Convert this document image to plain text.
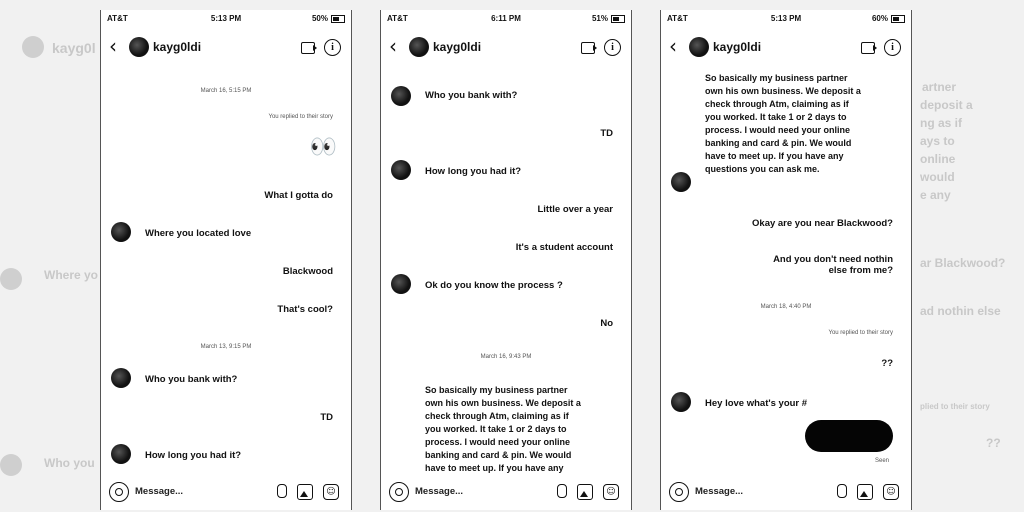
kayg0l
Where yo
Who you
artner
deposit a
ng as if
ays to
online
would
e any
ar Blackwood?
ad nothin else
plied to their story
??
AT&T	5:13 PM	50%
‹	kayg0ldi	i
March 16, 5:15 PM
You replied to their story
👀
What I gotta do
Where you located love
Blackwood
That's cool?
March 13, 9:15 PM
Who you bank with?
TD
How long you had it?
Message...	☺
AT&T	6:11 PM	51%
‹	kayg0ldi	i
Who you bank with?
TD
How long you had it?
Little over a year
It's a student account
Ok do you know the process ?
No
March 16, 9:43 PM
So basically my business partner own his own business. We deposit a check through Atm, claiming as if you worked. It take 1 or 2 days to process. I would need your online banking and card & pin. We would have to meet up. If you have any
Message...	☺
AT&T	5:13 PM	60%
‹	kayg0ldi	i
So basically my business partner own his own business. We deposit a check through Atm, claiming as if you worked. It take 1 or 2 days to process. I would need your online banking and card & pin. We would have to meet up. If you have any questions you can ask me.
Okay are you near Blackwood?
And you don't need nothin else from me?
March 18, 4:40 PM
You replied to their story
??
Hey love what's your #
Seen
Message...	☺
